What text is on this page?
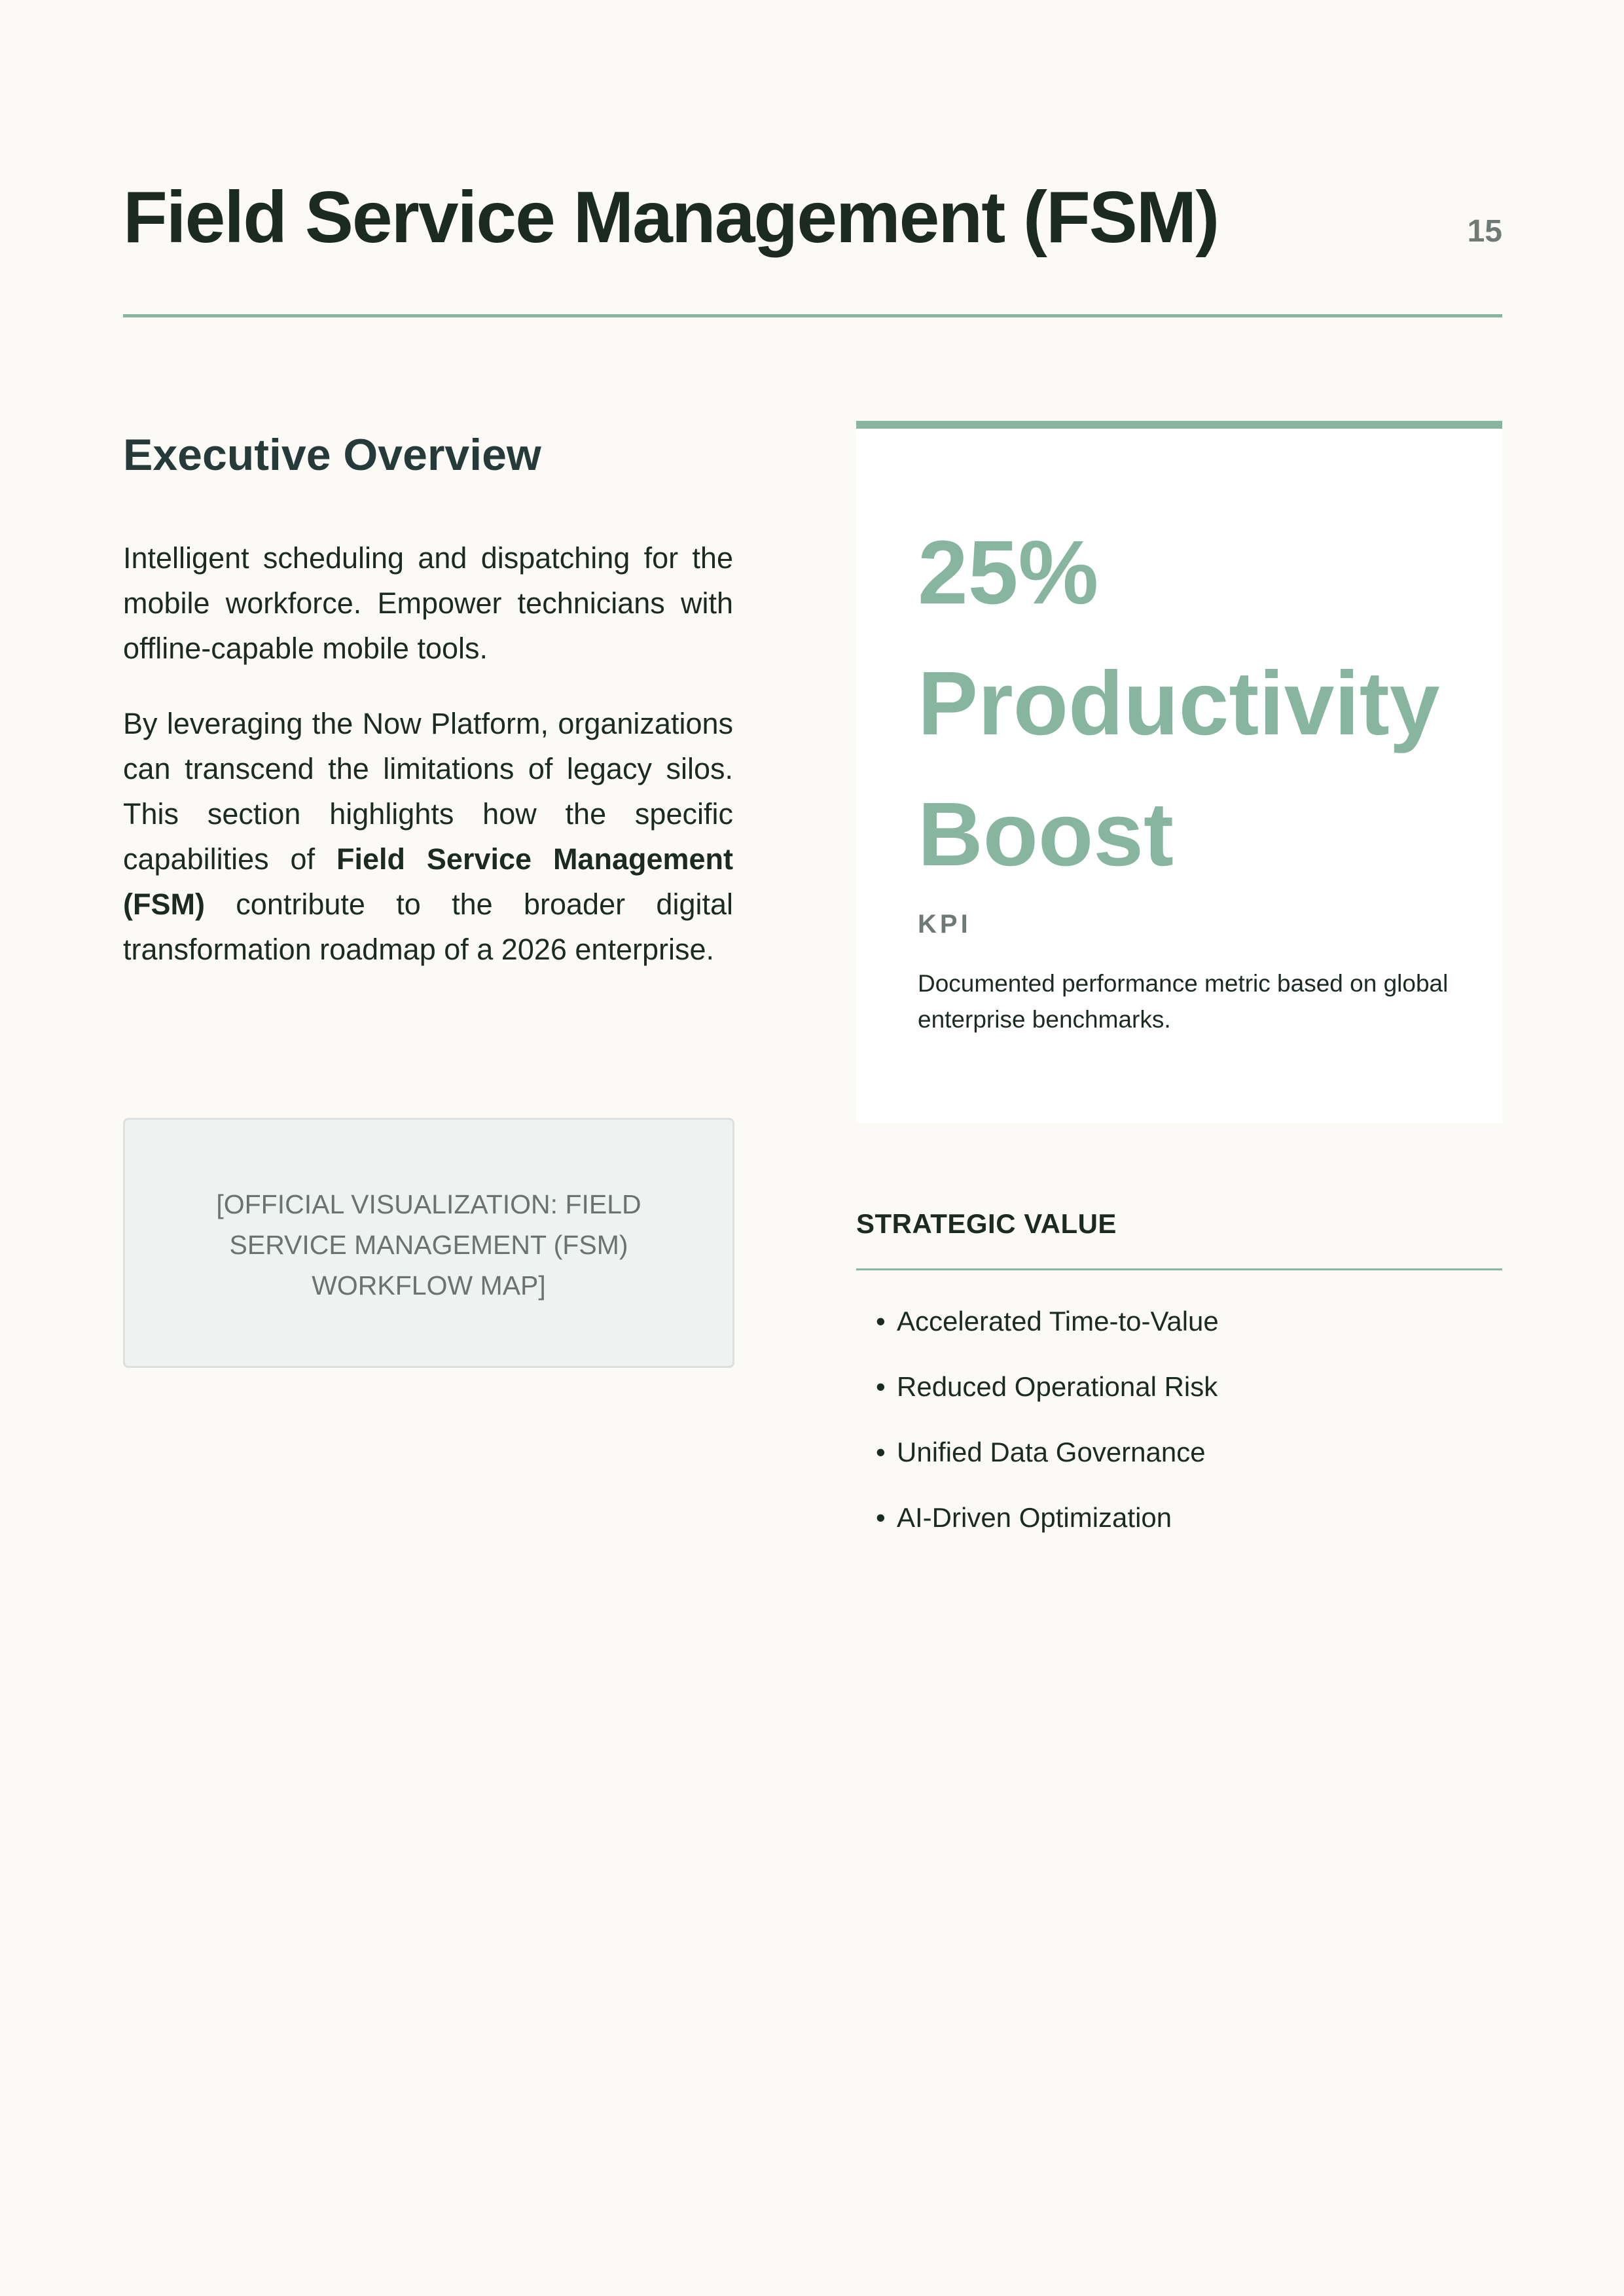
Field Service Management (FSM)	15
Executive Overview

Intelligent scheduling and dispatching for the mobile workforce. Empower technicians with offline-capable mobile tools.

By leveraging the Now Platform, organizations can transcend the limitations of legacy silos. This section highlights how the specific capabilities of Field Service Management (FSM) contribute to the broader digital transformation roadmap of a 2026 enterprise.

[OFFICIAL VISUALIZATION: FIELD SERVICE MANAGEMENT (FSM) WORKFLOW MAP]
25% Productivity Boost
KPI

Documented performance metric based on global enterprise benchmarks.

STRATEGIC VALUE
• Accelerated Time-to-Value
• Reduced Operational Risk
• Unified Data Governance
• AI-Driven Optimization
